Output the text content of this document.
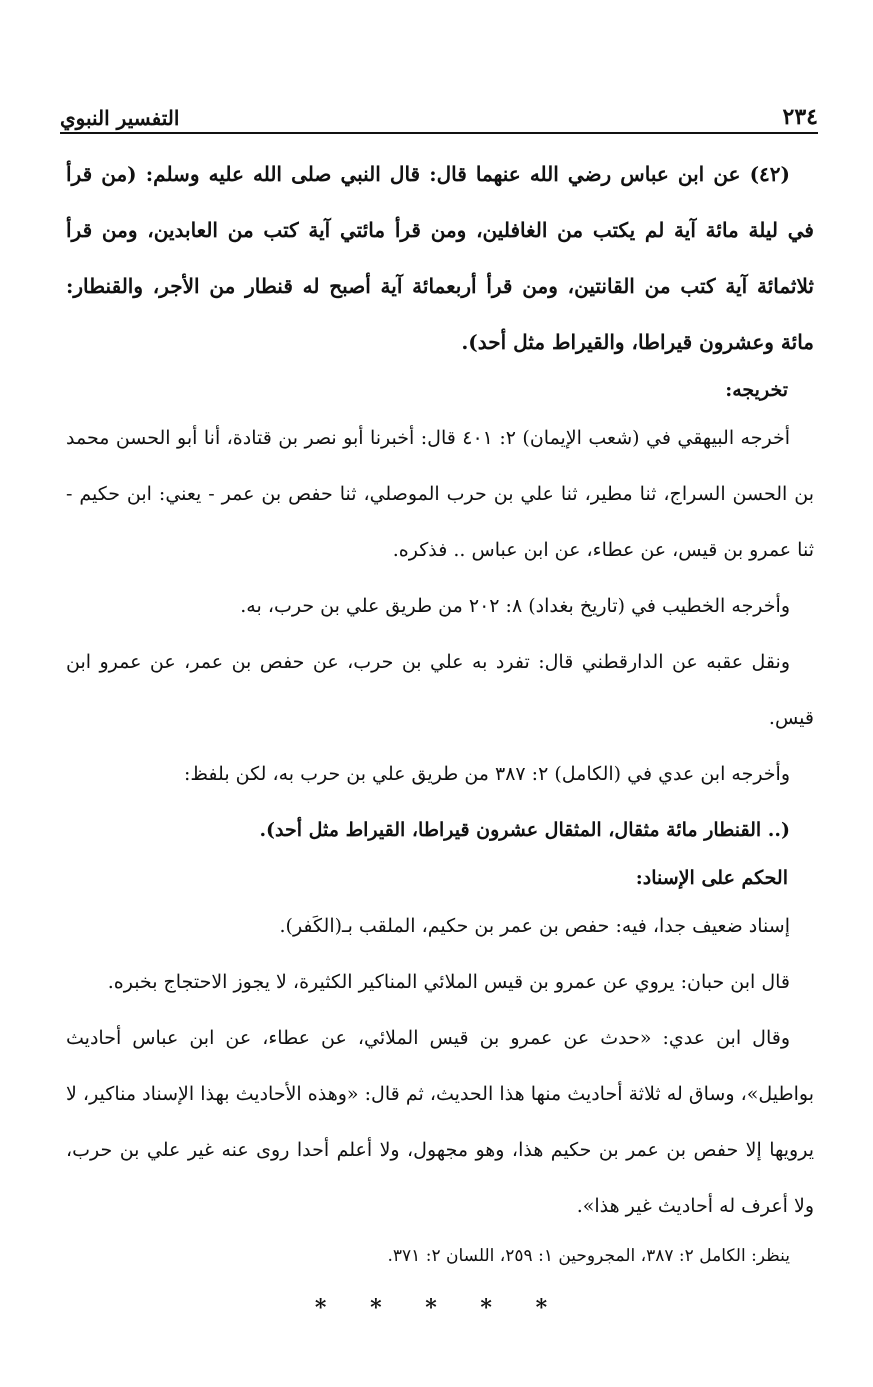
٢٣٤
التفسير النبوي

(٤٢) عن ابن عباس رضي الله عنهما قال: قال النبي صلى الله عليه وسلم: (من قرأ في ليلة مائة آية لم يكتب من الغافلين، ومن قرأ مائتي آية كتب من العابدين، ومن قرأ ثلاثمائة آية كتب من القانتين، ومن قرأ أربعمائة آية أصبح له قنطار من الأجر، والقنطار: مائة وعشرون قيراطا، والقيراط مثل أحد).

تخريجه:

أخرجه البيهقي في (شعب الإيمان) ٢: ٤٠١ قال: أخبرنا أبو نصر بن قتادة، أنا أبو الحسن محمد بن الحسن السراج، ثنا مطير، ثنا علي بن حرب الموصلي، ثنا حفص بن عمر - يعني: ابن حكيم - ثنا عمرو بن قيس، عن عطاء، عن ابن عباس .. فذكره.

وأخرجه الخطيب في (تاريخ بغداد) ٨: ٢٠٢ من طريق علي بن حرب، به.

ونقل عقبه عن الدارقطني قال: تفرد به علي بن حرب، عن حفص بن عمر، عن عمرو ابن قيس.

وأخرجه ابن عدي في (الكامل) ٢: ٣٨٧ من طريق علي بن حرب به، لكن بلفظ:

(.. القنطار مائة مثقال، المثقال عشرون قيراطا، القيراط مثل أحد).

الحكم على الإسناد:

إسناد ضعيف جدا، فيه: حفص بن عمر بن حكيم، الملقب بـ(الكَفر).

قال ابن حبان: يروي عن عمرو بن قيس الملائي المناكير الكثيرة، لا يجوز الاحتجاج بخبره.

وقال ابن عدي: «حدث عن عمرو بن قيس الملائي، عن عطاء، عن ابن عباس أحاديث بواطيل»، وساق له ثلاثة أحاديث منها هذا الحديث، ثم قال: «وهذه الأحاديث بهذا الإسناد مناكير، لا يرويها إلا حفص بن عمر بن حكيم هذا، وهو مجهول، ولا أعلم أحدا روى عنه غير علي بن حرب، ولا أعرف له أحاديث غير هذا».

ينظر: الكامل ٢: ٣٨٧، المجروحين ١: ٢٥٩، اللسان ٢: ٣٧١.

* * * * *
